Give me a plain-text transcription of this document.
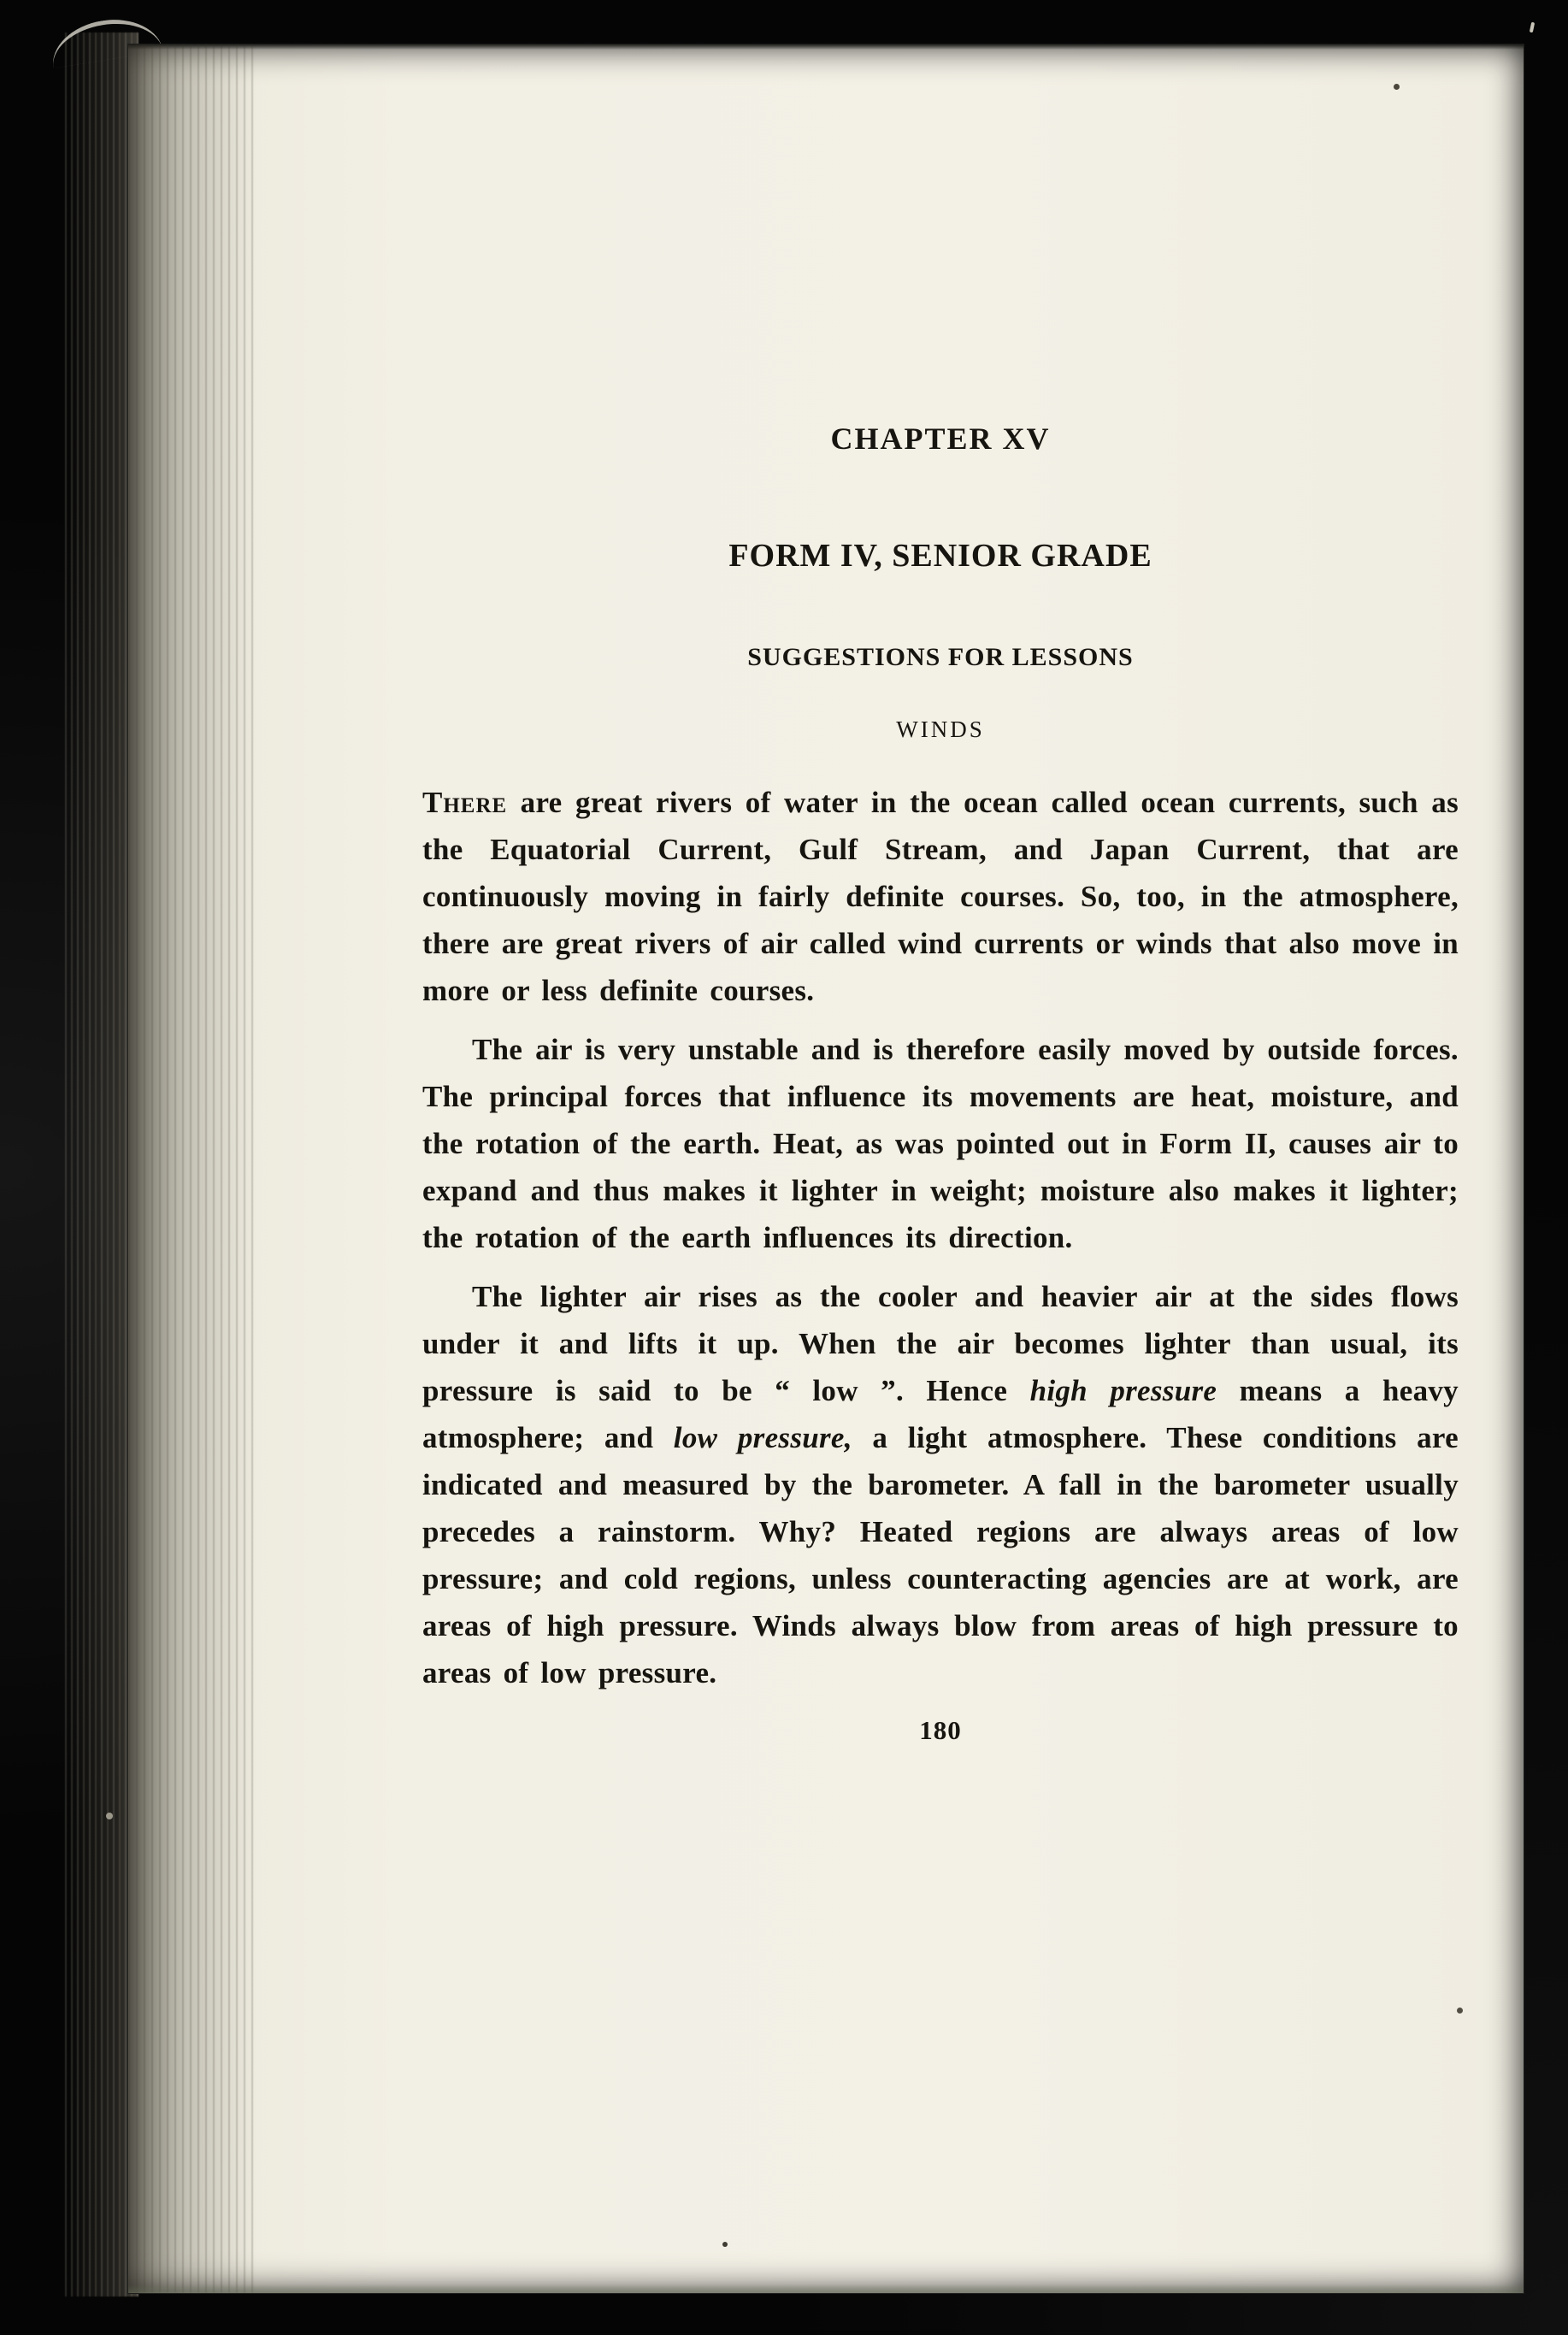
CHAPTER XV
FORM IV, SENIOR GRADE
SUGGESTIONS FOR LESSONS
WINDS

There are great rivers of water in the ocean called ocean currents, such as the Equatorial Current, Gulf Stream, and Japan Current, that are continuously moving in fairly definite courses. So, too, in the atmosphere, there are great rivers of air called wind currents or winds that also move in more or less definite courses.

The air is very unstable and is therefore easily moved by outside forces. The principal forces that influence its movements are heat, moisture, and the rotation of the earth. Heat, as was pointed out in Form II, causes air to expand and thus makes it lighter in weight; moisture also makes it lighter; the rotation of the earth influences its direction.

The lighter air rises as the cooler and heavier air at the sides flows under it and lifts it up. When the air becomes lighter than usual, its pressure is said to be “ low ”. Hence high pressure means a heavy atmosphere; and low pressure, a light atmosphere. These conditions are indicated and measured by the barometer. A fall in the barometer usually precedes a rainstorm. Why? Heated regions are always areas of low pressure; and cold regions, unless counteracting agencies are at work, are areas of high pressure. Winds always blow from areas of high pressure to areas of low pressure.

180
